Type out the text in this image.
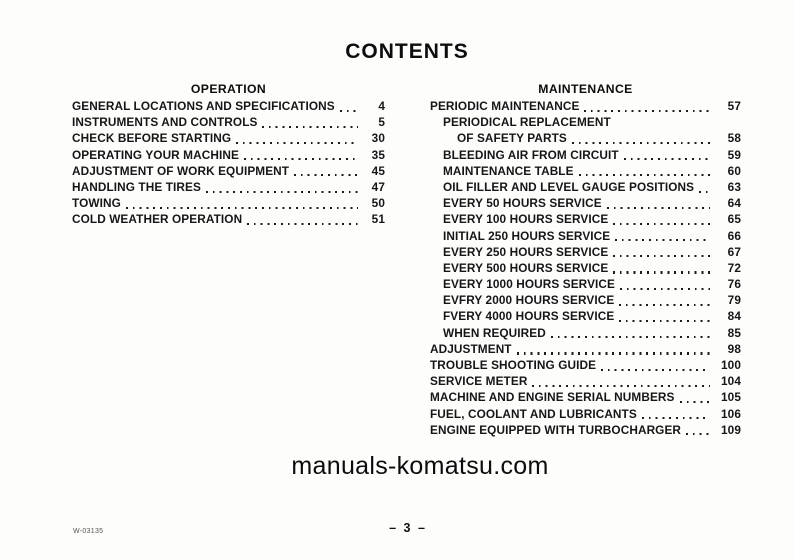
CONTENTS
OPERATION
GENERAL LOCATIONS AND SPECIFICATIONS	4
INSTRUMENTS AND CONTROLS	5
CHECK BEFORE STARTING	30
OPERATING YOUR MACHINE	35
ADJUSTMENT OF WORK EQUIPMENT	45
HANDLING THE TIRES	47
TOWING	50
COLD WEATHER OPERATION	51
MAINTENANCE
PERIODIC MAINTENANCE	57
PERIODICAL REPLACEMENT
OF SAFETY PARTS	58
BLEEDING AIR FROM CIRCUIT	59
MAINTENANCE TABLE	60
OIL FILLER AND LEVEL GAUGE POSITIONS	63
EVERY 50 HOURS SERVICE	64
EVERY 100 HOURS SERVICE	65
INITIAL 250 HOURS SERVICE	66
EVERY 250 HOURS SERVICE	67
EVERY 500 HOURS SERVICE	72
EVERY 1000 HOURS SERVICE	76
EVFRY 2000 HOURS SERVICE	79
FVERY 4000 HOURS SERVICE	84
WHEN REQUIRED	85
ADJUSTMENT	98
TROUBLE SHOOTING GUIDE	100
SERVICE METER	104
MACHINE AND ENGINE SERIAL NUMBERS	105
FUEL, COOLANT AND LUBRICANTS	106
ENGINE EQUIPPED WITH TURBOCHARGER	109
manuals-komatsu.com
– 3 –
W-03135
